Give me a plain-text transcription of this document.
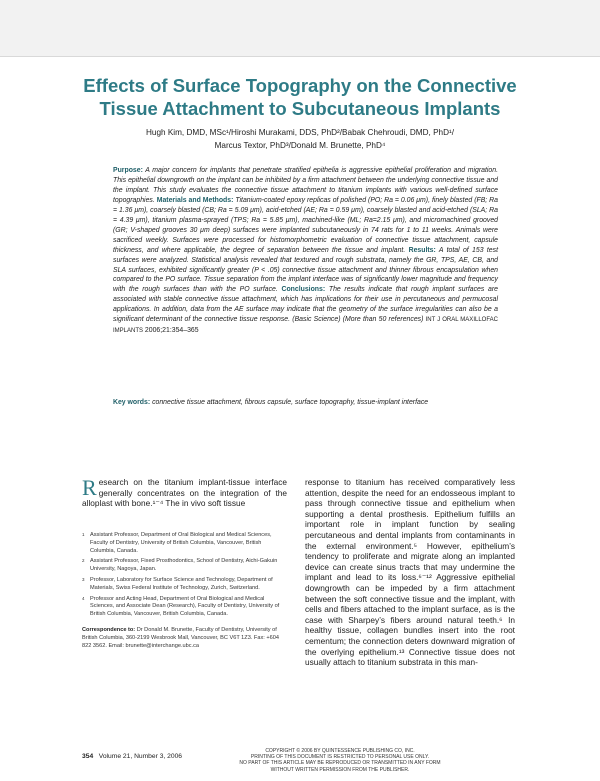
Effects of Surface Topography on the Connective
Tissue Attachment to Subcutaneous Implants
Hugh Kim, DMD, MSc¹/Hiroshi Murakami, DDS, PhD²/Babak Chehroudi, DMD, PhD¹/
Marcus Textor, PhD³/Donald M. Brunette, PhD⁴
Purpose: A major concern for implants that penetrate stratified epithelia is aggressive epithelial proliferation and migration. This epithelial downgrowth on the implant can be inhibited by a firm attachment between the underlying connective tissue and the implant. This study evaluates the connective tissue attachment to titanium implants with various well-defined surface topographies. Materials and Methods: Titanium-coated epoxy replicas of polished (PO; Ra = 0.06 μm), finely blasted (FB; Ra = 1.36 μm), coarsely blasted (CB; Ra = 5.09 μm), acid-etched (AE; Ra = 0.59 μm), coarsely blasted and acid-etched (SLA; Ra = 4.39 μm), titanium plasma-sprayed (TPS; Ra = 5.85 μm), machined-like (ML; Ra=2.15 μm), and micromachined grooved (GR; V-shaped grooves 30 μm deep) surfaces were implanted subcutaneously in 74 rats for 1 to 11 weeks. Animals were sacrificed weekly. Surfaces were processed for histomorphometric evaluation of connective tissue attachment, capsule thickness, and where applicable, the degree of separation between the tissue and implant. Results: A total of 153 test surfaces were analyzed. Statistical analysis revealed that textured and rough substrata, namely the GR, TPS, AE, CB, and SLA surfaces, exhibited significantly greater (P < .05) connective tissue attachment and thinner fibrous encapsulation when compared to the PO surface. Tissue separation from the implant interface was of significantly lower magnitude and frequency with the rough surfaces than with the PO surface. Conclusions: The results indicate that rough implant surfaces are associated with stable connective tissue attachment, which has implications for their use in percutaneous and permucosal applications. In addition, data from the AE surface may indicate that the geometry of the surface irregularities can also be a significant determinant of the connective tissue response. (Basic Science) (More than 50 references) INT J ORAL MAXILLOFAC IMPLANTS 2006;21:354–365
Key words: connective tissue attachment, fibrous capsule, surface topography, tissue-implant interface
Research on the titanium implant-tissue interface generally concentrates on the integration of the alloplast with bone.¹⁻⁴ The in vivo soft tissue
1 Assistant Professor, Department of Oral Biological and Medical Sciences, Faculty of Dentistry, University of British Columbia, Vancouver, British Columbia, Canada.
2 Assistant Professor, Fixed Prosthodontics, School of Dentistry, Aichi-Gakuin University, Nagoya, Japan.
3 Professor, Laboratory for Surface Science and Technology, Department of Materials, Swiss Federal Institute of Technology, Zurich, Switzerland.
4 Professor and Acting Head, Department of Oral Biological and Medical Sciences, and Associate Dean (Research), Faculty of Dentistry, University of British Columbia, Vancouver, British Columbia, Canada.
Correspondence to: Dr Donald M. Brunette, Faculty of Dentistry, University of British Columbia, 360-2199 Wesbrook Mall, Vancouver, BC V6T 1Z3. Fax: +604 822 3562. Email: brunette@interchange.ubc.ca
response to titanium has received comparatively less attention, despite the need for an endosseous implant to pass through connective tissue and epithelium when supporting a dental prosthesis. Epithelium fulfills an important role in implant function by sealing percutaneous and dental implants from contaminants in the external environment.⁵ However, epithelium’s tendency to proliferate and migrate along an implanted device can create sinus tracts that may undermine the implant and lead to its loss.⁶⁻¹² Aggressive epithelial downgrowth can be impeded by a firm attachment between the soft connective tissue and the implant, with cells and fibers attached to the implant surface, as is the case with Sharpey’s fibers around natural teeth.⁶ In healthy tissue, collagen bundles insert into the root cementum; the connection deters downward migration of the overlying epithelium.¹³ Connective tissue does not usually attach to titanium substrata in this man-
354 Volume 21, Number 3, 2006
COPYRIGHT © 2006 BY QUINTESSENCE PUBLISHING CO, INC.
PRINTING OF THIS DOCUMENT IS RESTRICTED TO PERSONAL USE ONLY.
NO PART OF THIS ARTICLE MAY BE REPRODUCED OR TRANSMITTED IN ANY FORM
WITHOUT WRITTEN PERMISSION FROM THE PUBLISHER.
